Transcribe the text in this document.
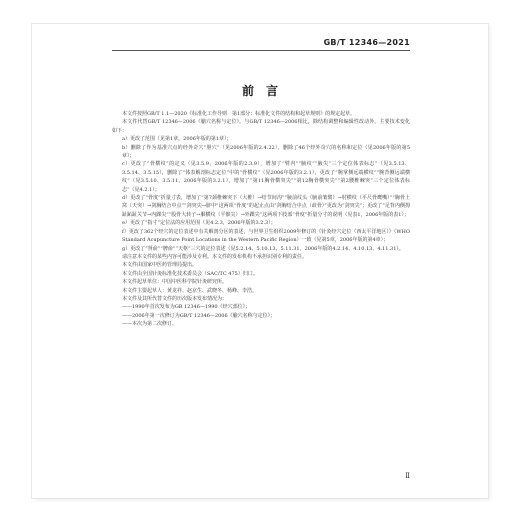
GB/T 12346—2021
前　言

本文件按照GB/T 1.1—2020《标准化工作导则　第1部分：标准化文件的结构和起草规则》的规定起草。

本文件代替GB/T 12346—2006《腧穴名称与定位》。与GB/T 12346—2006相比，除结构调整和编辑性改动外，主要技术变化如下：

a）更改了范围（见第1章，2006年版的第1章）；

b）删除了作为基准穴点的经外奇穴“胆穴”（见2006年版的2.4.22），删除了46个经外奇穴的名称和定位（见2006年版的第5章）；

c）更改了“骨横纹”的定义（见3.5.9，2006年版的2.3.9），增加了“臂内”“腋纹”“腋尖”三个定位体表标志”（见3.5.13、3.5.14、3.5.15），删除了“体表解剖标志定位”中的“骨横纹”（见2006年版的3.2.1），更改了“腕掌侧远端横纹”“腕背侧远端横纹”（见3.5.10、3.5.11，2006年版的3.2.1），增加了“第11胸骨横突尖”“第12胸骨横突尖”“第2腰椎棘突”三个定位体表标志”（见4.2.1）；

d）更改了“骨度”折量寸表，增加了“第7颈椎棘突下（大椎）→结节间沟”“腋前纹头（腋前皱襞）→肘横纹（平尺骨鹰嘴）”“胸骨上窝（天突）→剑胸结合中点”“剑突尖→脐中”这两项“骨度”的起止点由“剑胸结合中点（歧骨）”更改为“剑突尖”；更改了“足背内侧拇趾跖趾关节→内踝尖”“股骨大转子→腘横纹（平髌尖）→外踝尖”这两项下肢部“骨度”折量分寸的说明（见表1，2006年版的表1）；

e）更改了“指寸”定位法的应用范围（见4.2.3，2006年版的3.2.3）；

f）更改了362个经穴的定位表述中有关解剖分区的表述，与世界卫生组织2009年修订的《针灸经穴定位（西太平洋地区）》（WHO Standard Acupuncture Point Locations in the Western Pacific Region）一致（见第5章，2006年版的第4章）；

g）更改了“肾俞”“脾俞”“天枢”三穴的定位表述（见5.2.14、5.10.13、5.11.31，2006年版的4.2.14、4.10.13、4.11.31）。

请注意本文件的某些内容可能涉及专利。本文件的发布机构不承担识别专利的责任。

本文件由国家中医药管理局提出。

本文件由全国针灸标准化技术委员会（SAC/TC 475）归口。

本文件起草单位：中国中医科学院针灸研究所。

本文件主要起草人：黄龙祥、赵京生、武晓冬、杨峰、李浩。

本文件及其所代替文件的历次版本发布情况为：

——1990年首次发布为GB 12346—1990《经穴部位》；

——2006年第一次修订为GB/T 12346—2006《腧穴名称与定位》；

——本次为第二次修订。

Ⅱ
